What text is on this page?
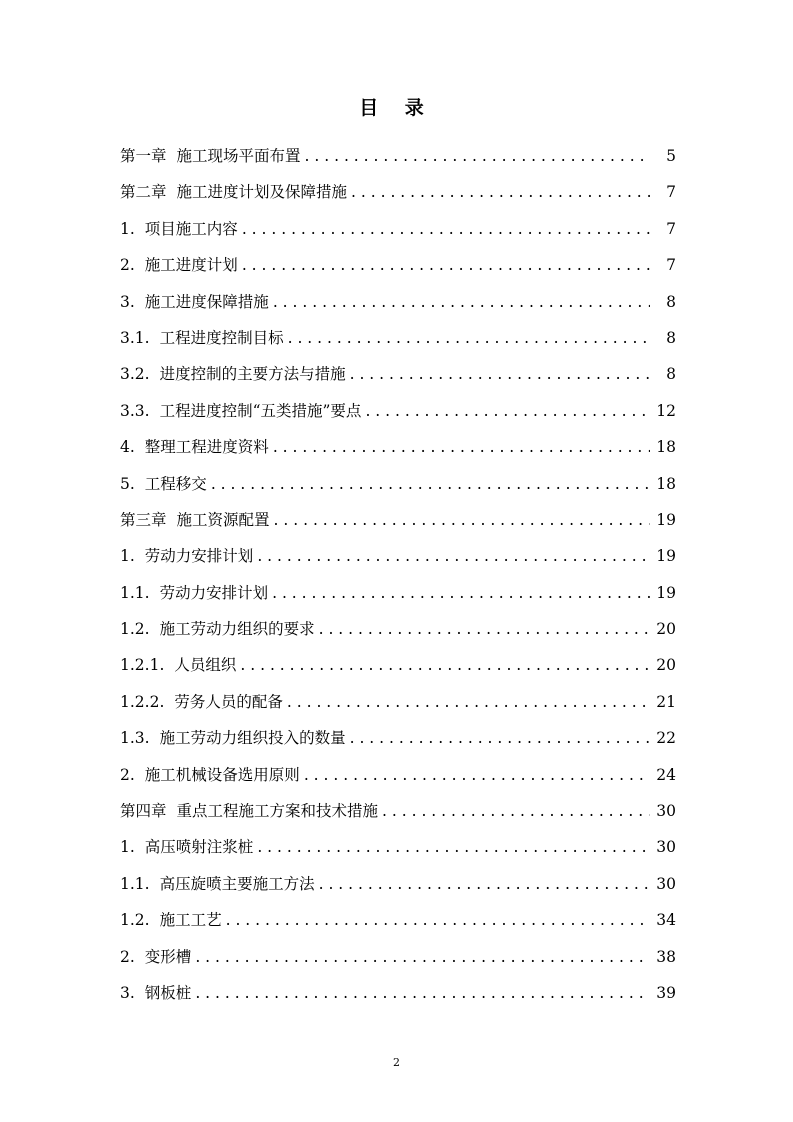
目 录
第一章 施工现场平面布置 . . .	5
第二章 施工进度计划及保障措施 . . .	7
1. 项目施工内容 . . .	7
2. 施工进度计划 . . .	7
3. 施工进度保障措施 . . .	8
3.1. 工程进度控制目标 . . .	8
3.2. 进度控制的主要方法与措施 . . .	8
3.3. 工程进度控制“五类措施”要点 . . .	12
4. 整理工程进度资料 . . .	18
5. 工程移交 . . .	18
第三章 施工资源配置 . . .	19
1. 劳动力安排计划 . . .	19
1.1. 劳动力安排计划 . . .	19
1.2. 施工劳动力组织的要求 . . .	20
1.2.1. 人员组织 . . .	20
1.2.2. 劳务人员的配备 . . .	21
1.3. 施工劳动力组织投入的数量 . . .	22
2. 施工机械设备选用原则 . . .	24
第四章 重点工程施工方案和技术措施 . . .	30
1. 高压喷射注浆桩 . . .	30
1.1. 高压旋喷主要施工方法 . . .	30
1.2. 施工工艺 . . .	34
2. 变形槽 . . .	38
3. 钢板桩 . . .	39
2
